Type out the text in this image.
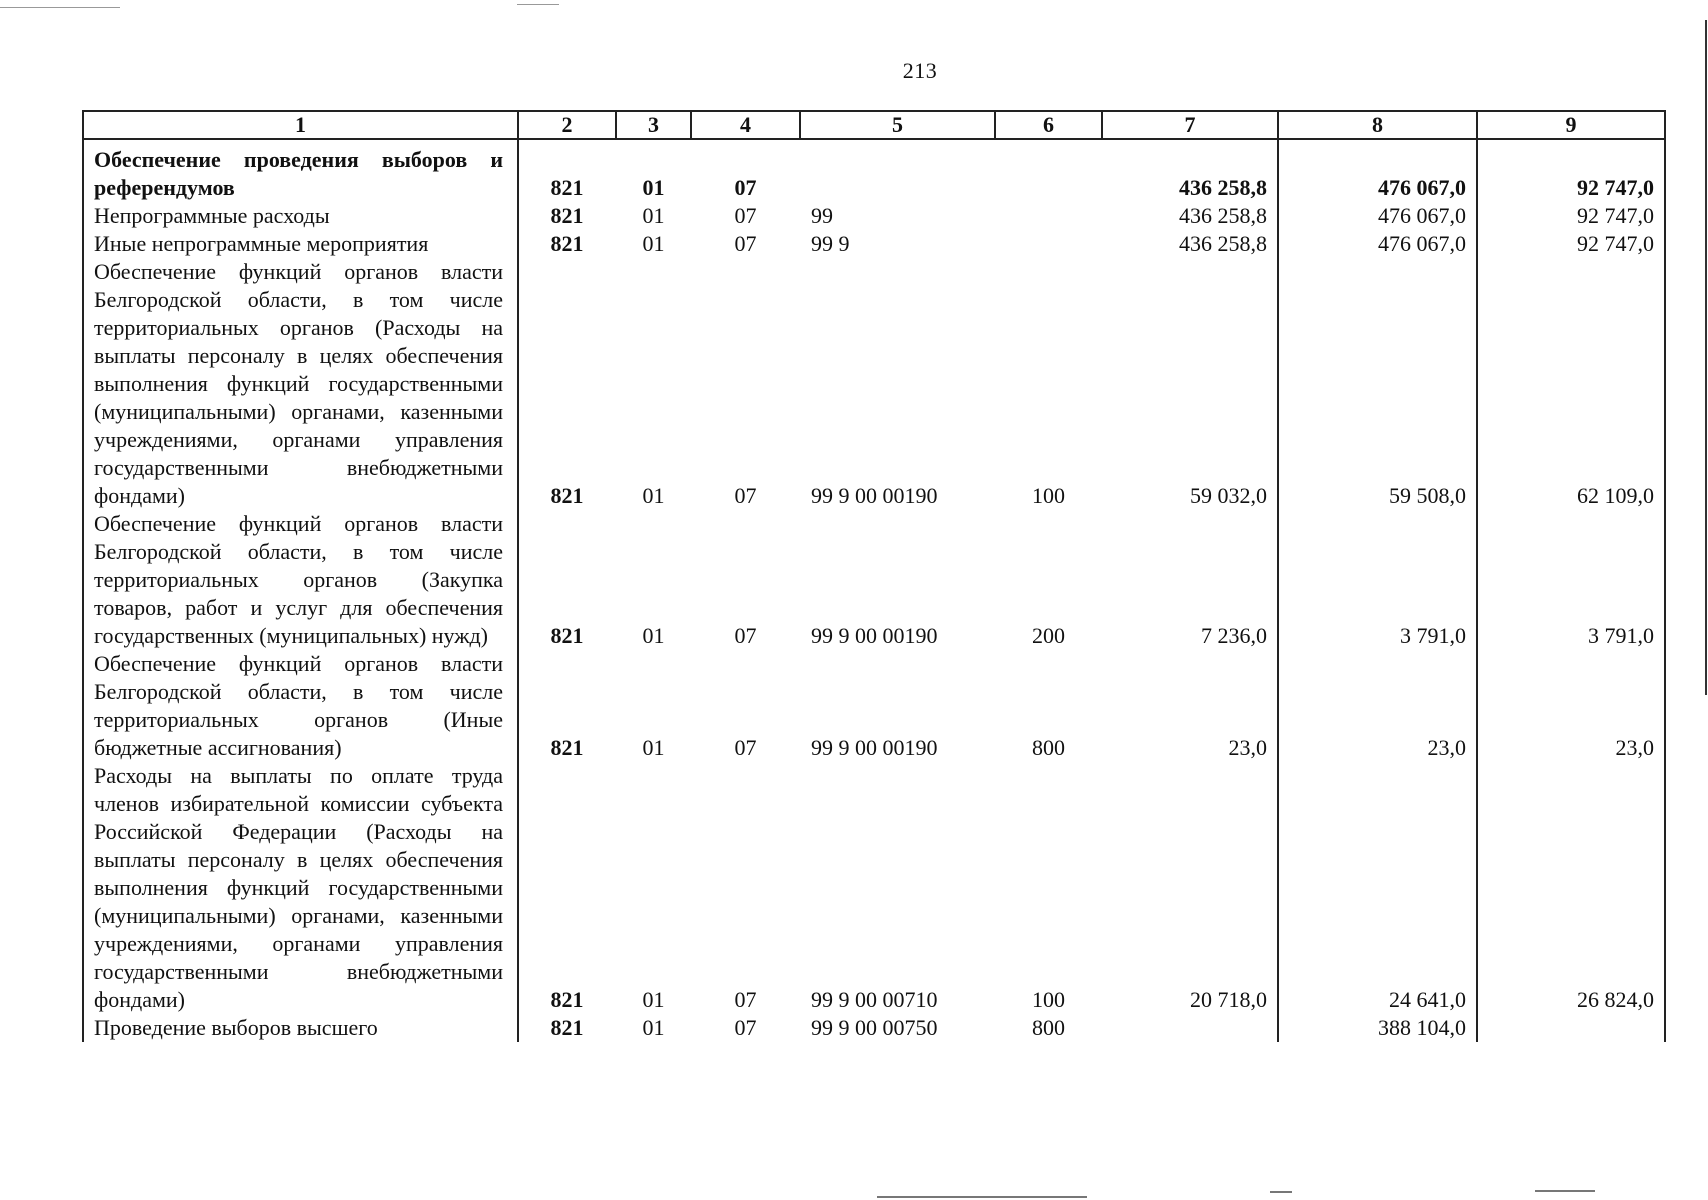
213
1	2	3	4	5	6	7	8	9
Обеспечение проведения выборов и референдумов	821	01	07			436 258,8	476 067,0	92 747,0
Непрограммные расходы	821	01	07	99		436 258,8	476 067,0	92 747,0
Иные непрограммные мероприятия	821	01	07	99 9		436 258,8	476 067,0	92 747,0
Обеспечение функций органов власти Белгородской области, в том числе территориальных органов (Расходы на выплаты персоналу в целях обеспечения выполнения функций государственными (муниципальными) органами, казенными учреждениями, органами управления государственными внебюджетными фондами)	821	01	07	99 9 00 00190	100	59 032,0	59 508,0	62 109,0
Обеспечение функций органов власти Белгородской области, в том числе территориальных органов (Закупка товаров, работ и услуг для обеспечения государственных (муниципальных) нужд)	821	01	07	99 9 00 00190	200	7 236,0	3 791,0	3 791,0
Обеспечение функций органов власти Белгородской области, в том числе территориальных органов (Иные бюджетные ассигнования)	821	01	07	99 9 00 00190	800	23,0	23,0	23,0
Расходы на выплаты по оплате труда членов избирательной комиссии субъекта Российской Федерации (Расходы на выплаты персоналу в целях обеспечения выполнения функций государственными (муниципальными) органами, казенными учреждениями, органами управления государственными внебюджетными фондами)	821	01	07	99 9 00 00710	100	20 718,0	24 641,0	26 824,0
Проведение выборов высшего	821	01	07	99 9 00 00750	800		388 104,0	
